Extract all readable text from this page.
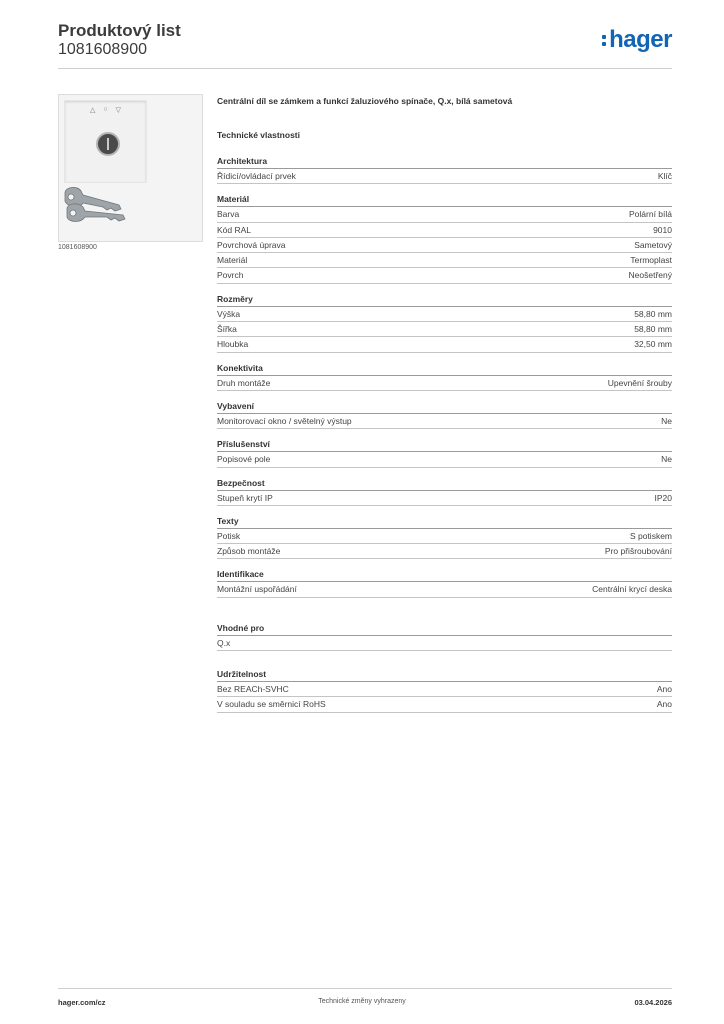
Produktový list
1081608900	hager
△ ○ ▽
1081608900
Centrální díl se zámkem a funkcí žaluziového spínače, Q.x, bílá sametová
Technické vlastnosti
Architektura
Řídicí/ovládací prvek	Klíč
Materiál
Barva	Polární bílá
Kód RAL	9010
Povrchová úprava	Sametový
Materiál	Termoplast
Povrch	Neošetřený
Rozměry
Výška	58,80 mm
Šířka	58,80 mm
Hloubka	32,50 mm
Konektivita
Druh montáže	Upevnění šrouby
Vybavení
Monitorovací okno / světelný výstup	Ne
Příslušenství
Popisové pole	Ne
Bezpečnost
Stupeň krytí IP	IP20
Texty
Potisk	S potiskem
Způsob montáže	Pro přišroubování
Identifikace
Montážní uspořádání	Centrální krycí deska
Vhodné pro
Q.x
Udržitelnost
Bez REACh-SVHC	Ano
V souladu se směrnicí RoHS	Ano
hager.com/cz	Technické změny vyhrazeny	03.04.2026
